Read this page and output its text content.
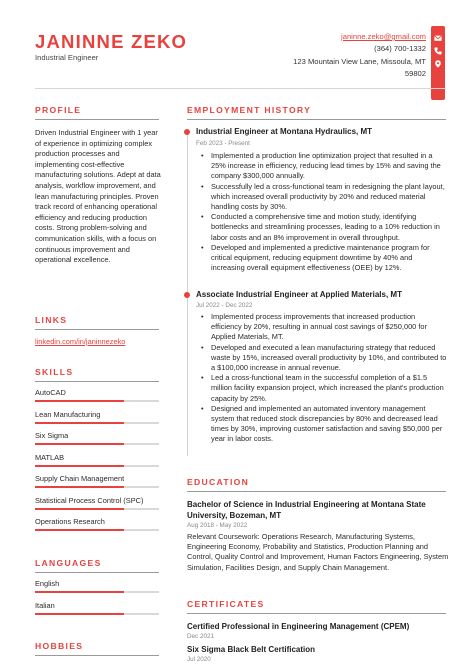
JANINNE ZEKO
Industrial Engineer
janinne.zeko@gmail.com
(364) 700-1332
123 Mountain View Lane, Missoula, MT
59802
PROFILE
Driven Industrial Engineer with 1 year of experience in optimizing complex production processes and implementing cost-effective manufacturing solutions. Adept at data analysis, workflow improvement, and lean manufacturing principles. Proven track record of enhancing operational efficiency and reducing production costs. Strong problem-solving and communication skills, with a focus on continuous improvement and operational excellence.
LINKS
linkedin.com/in/janinnezeko
SKILLS
AutoCAD
Lean Manufacturing
Six Sigma
MATLAB
Supply Chain Management
Statistical Process Control (SPC)
Operations Research
LANGUAGES
English
Italian
HOBBIES
EMPLOYMENT HISTORY
Industrial Engineer at Montana Hydraulics, MT
Feb 2023 - Present
• Implemented a production line optimization project that resulted in a 25% increase in efficiency, reducing lead times by 15% and saving the company $300,000 annually.
• Successfully led a cross-functional team in redesigning the plant layout, which increased overall productivity by 20% and reduced material handling costs by 30%.
• Conducted a comprehensive time and motion study, identifying bottlenecks and streamlining processes, leading to a 10% reduction in labor costs and an 8% improvement in overall throughput.
• Developed and implemented a predictive maintenance program for critical equipment, reducing equipment downtime by 40% and increasing overall equipment effectiveness (OEE) by 12%.
Associate Industrial Engineer at Applied Materials, MT
Jul 2022 - Dec 2022
• Implemented process improvements that increased production efficiency by 20%, resulting in annual cost savings of $250,000 for Applied Materials, MT.
• Developed and executed a lean manufacturing strategy that reduced waste by 15%, increased overall productivity by 10%, and contributed to a $100,000 increase in annual revenue.
• Led a cross-functional team in the successful completion of a $1.5 million facility expansion project, which increased the plant's production capacity by 25%.
• Designed and implemented an automated inventory management system that reduced stock discrepancies by 80% and decreased lead times by 30%, improving customer satisfaction and saving $50,000 per year in labor costs.
EDUCATION
Bachelor of Science in Industrial Engineering at Montana State University, Bozeman, MT
Aug 2018 - May 2022
Relevant Coursework: Operations Research, Manufacturing Systems, Engineering Economy, Probability and Statistics, Production Planning and Control, Quality Control and Improvement, Human Factors Engineering, System Simulation, Facilities Design, and Supply Chain Management.
CERTIFICATES
Certified Professional in Engineering Management (CPEM)
Dec 2021
Six Sigma Black Belt Certification
Jul 2020
